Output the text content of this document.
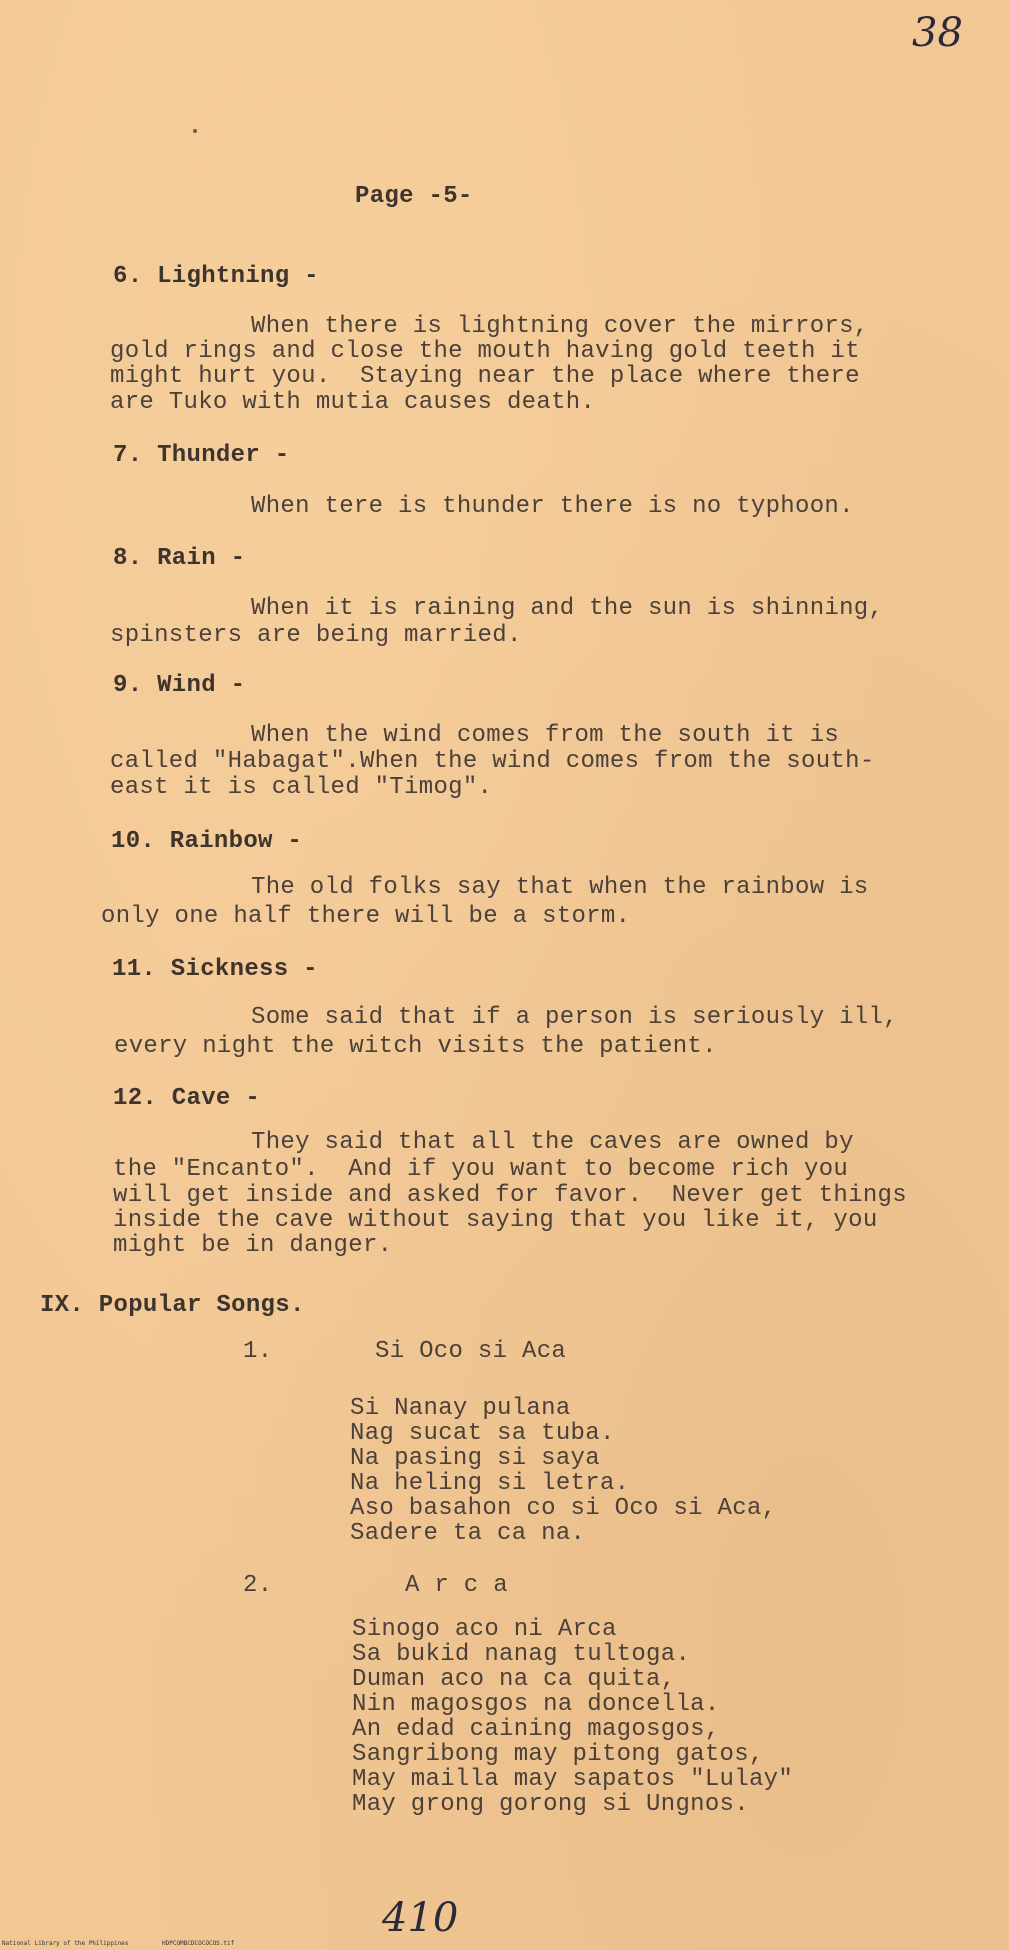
38
Page -5-
6. Lightning -
When there is lightning cover the mirrors,
gold rings and close the mouth having gold teeth it
might hurt you.  Staying near the place where there
are Tuko with mutia causes death.
7. Thunder -
When tere is thunder there is no typhoon.
8. Rain -
When it is raining and the sun is shinning,
spinsters are being married.
9. Wind -
When the wind comes from the south it is
called "Habagat".When the wind comes from the south-
east it is called "Timog".
10. Rainbow -
The old folks say that when the rainbow is
only one half there will be a storm.
11. Sickness -
Some said that if a person is seriously ill,
every night the witch visits the patient.
12. Cave -
They said that all the caves are owned by
the "Encanto".  And if you want to become rich you
will get inside and asked for favor.  Never get things
inside the cave without saying that you like it, you
might be in danger.
IX. Popular Songs.
1.	Si Oco si Aca
Si Nanay pulana
Nag sucat sa tuba.
Na pasing si saya
Na heling si letra.
Aso basahon co si Oco si Aca,
Sadere ta ca na.
2.	A r c a
Sinogo aco ni Arca
Sa bukid nanag tultoga.
Duman aco na ca quita,
Nin magosgos na doncella.
An edad caining magosgos,
Sangribong may pitong gatos,
May mailla may sapatos "Lulay"
May grong gorong si Ungnos.
410
National Library of the Philippines	HDPCOMBCDCOCOCOS.tif
